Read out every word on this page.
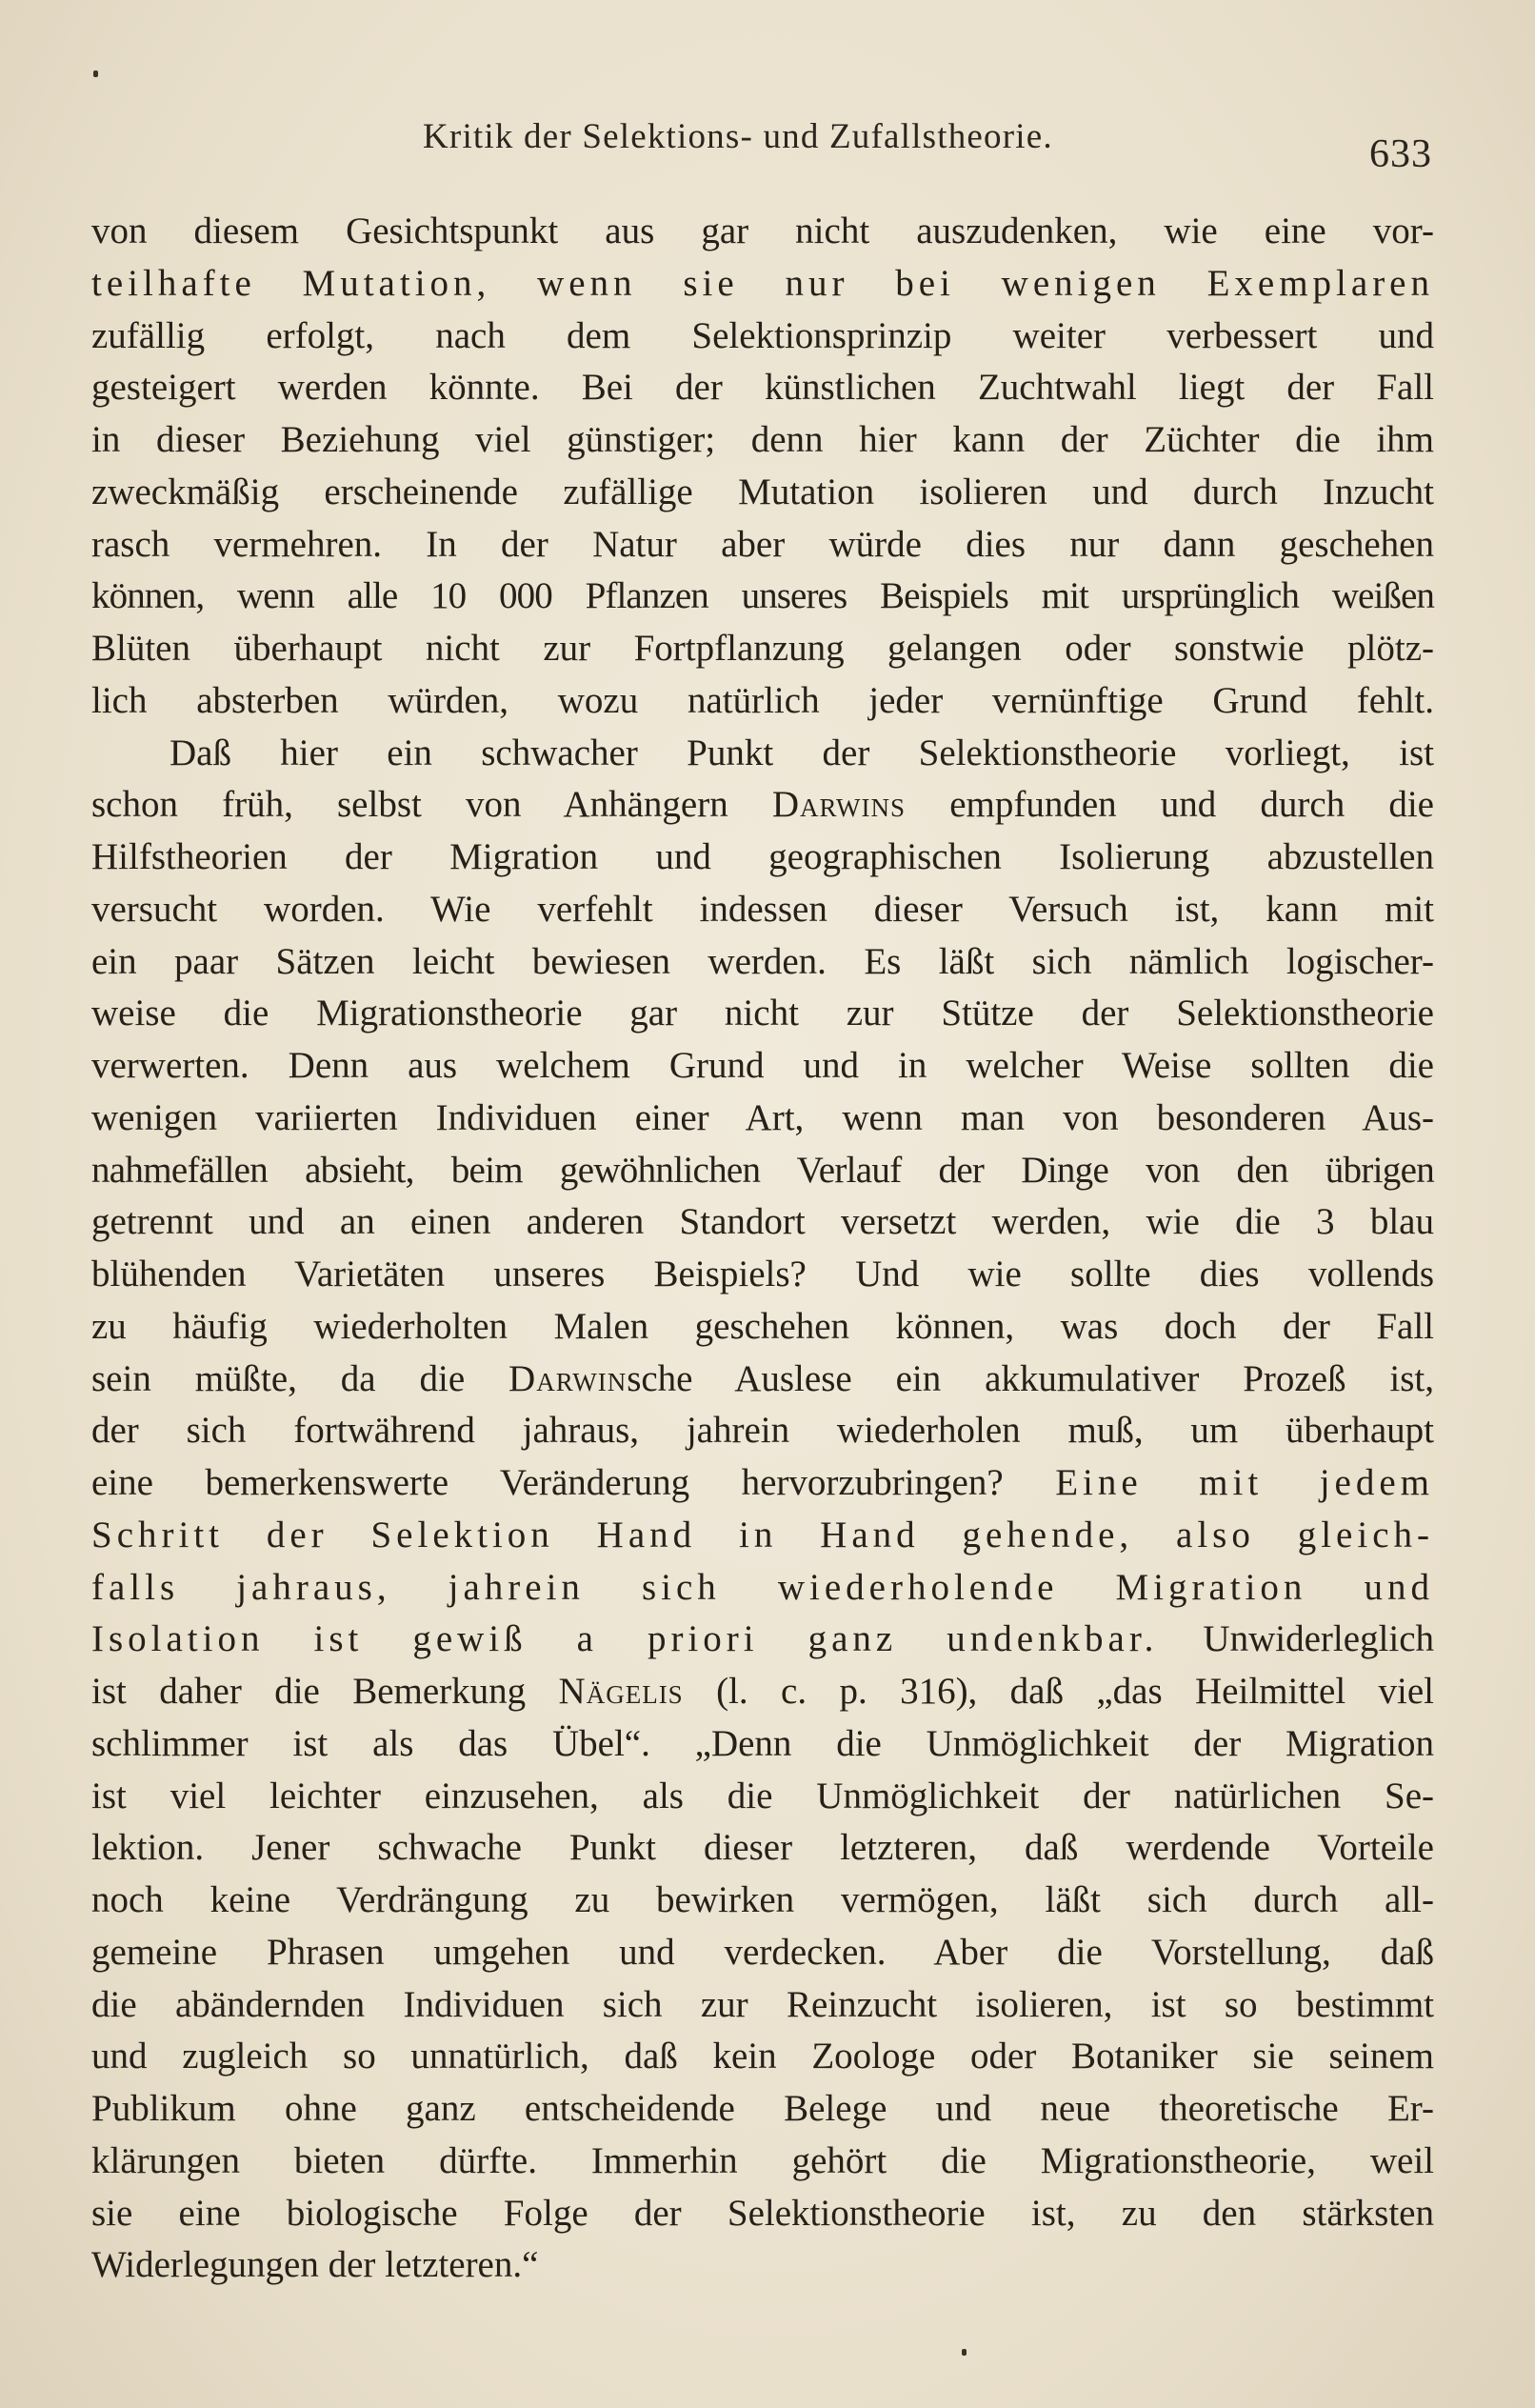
Kritik der Selektions- und Zufallstheorie.	633
von diesem Gesichtspunkt aus gar nicht auszudenken, wie eine vor-
teilhafte Mutation, wenn sie nur bei wenigen Exemplaren
zufällig erfolgt, nach dem Selektionsprinzip weiter verbessert und
gesteigert werden könnte. Bei der künstlichen Zuchtwahl liegt der Fall
in dieser Beziehung viel günstiger; denn hier kann der Züchter die ihm
zweckmäßig erscheinende zufällige Mutation isolieren und durch Inzucht
rasch vermehren. In der Natur aber würde dies nur dann geschehen
können, wenn alle 10 000 Pflanzen unseres Beispiels mit ursprünglich weißen
Blüten überhaupt nicht zur Fortpflanzung gelangen oder sonstwie plötz-
lich absterben würden, wozu natürlich jeder vernünftige Grund fehlt.
Daß hier ein schwacher Punkt der Selektionstheorie vorliegt, ist
schon früh, selbst von Anhängern Darwins empfunden und durch die
Hilfstheorien der Migration und geographischen Isolierung abzustellen
versucht worden. Wie verfehlt indessen dieser Versuch ist, kann mit
ein paar Sätzen leicht bewiesen werden. Es läßt sich nämlich logischer-
weise die Migrationstheorie gar nicht zur Stütze der Selektionstheorie
verwerten. Denn aus welchem Grund und in welcher Weise sollten die
wenigen variierten Individuen einer Art, wenn man von besonderen Aus-
nahmefällen absieht, beim gewöhnlichen Verlauf der Dinge von den übrigen
getrennt und an einen anderen Standort versetzt werden, wie die 3 blau
blühenden Varietäten unseres Beispiels? Und wie sollte dies vollends
zu häufig wiederholten Malen geschehen können, was doch der Fall
sein müßte, da die Darwinsche Auslese ein akkumulativer Prozeß ist,
der sich fortwährend jahraus, jahrein wiederholen muß, um überhaupt
eine bemerkenswerte Veränderung hervorzubringen? Eine mit jedem
Schritt der Selektion Hand in Hand gehende, also gleich-
falls jahraus, jahrein sich wiederholende Migration und
Isolation ist gewiß a priori ganz undenkbar. Unwiderleglich
ist daher die Bemerkung Nägelis (l. c. p. 316), daß „das Heilmittel viel
schlimmer ist als das Übel“. „Denn die Unmöglichkeit der Migration
ist viel leichter einzusehen, als die Unmöglichkeit der natürlichen Se-
lektion. Jener schwache Punkt dieser letzteren, daß werdende Vorteile
noch keine Verdrängung zu bewirken vermögen, läßt sich durch all-
gemeine Phrasen umgehen und verdecken. Aber die Vorstellung, daß
die abändernden Individuen sich zur Reinzucht isolieren, ist so bestimmt
und zugleich so unnatürlich, daß kein Zoologe oder Botaniker sie seinem
Publikum ohne ganz entscheidende Belege und neue theoretische Er-
klärungen bieten dürfte. Immerhin gehört die Migrationstheorie, weil
sie eine biologische Folge der Selektionstheorie ist, zu den stärksten
Widerlegungen der letzteren.“
